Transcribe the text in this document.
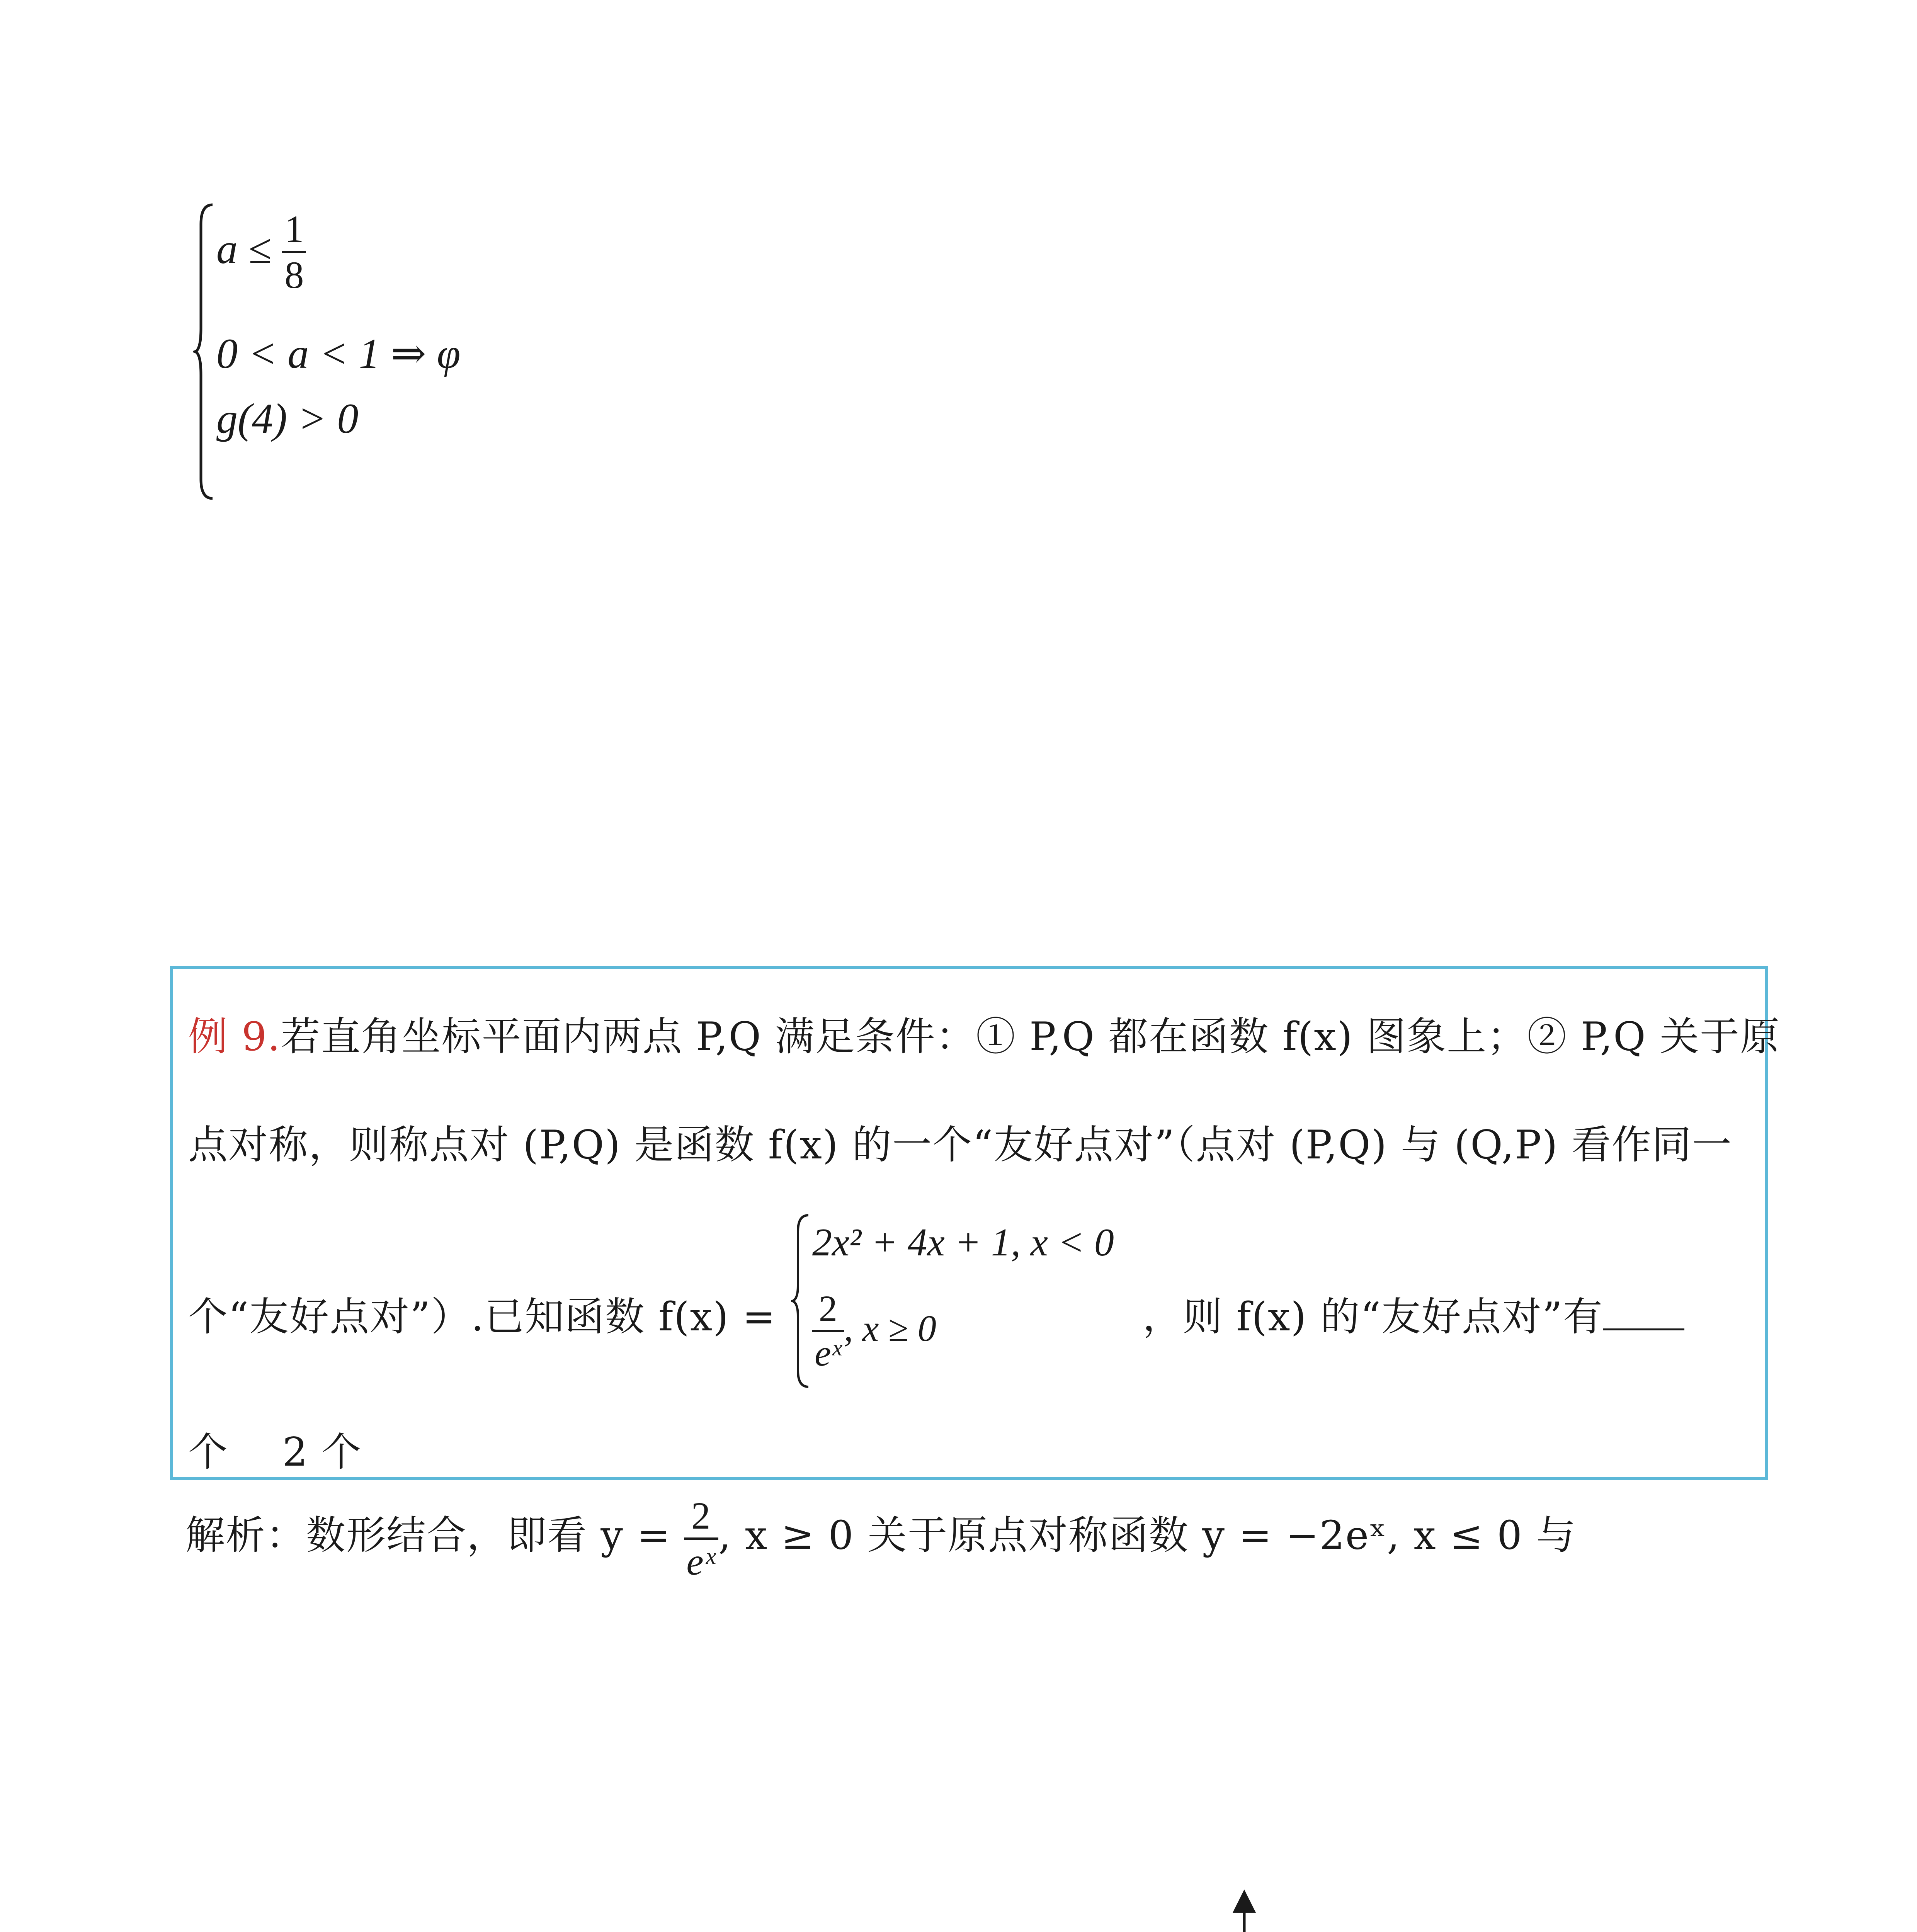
a ≤ 1
8
0 < a < 1 ⇒ φ
g(4) > 0
例 9.若直角坐标平面内两点 P,Q 满足条件：① P,Q 都在函数 f(x) 图象上；② P,Q 关于原
点对称，则称点对 (P,Q) 是函数 f(x) 的一个“友好点对”（点对 (P,Q) 与 (Q,P) 看作同一
个“友好点对”）.已知函数 f(x) =
2x² + 4x + 1, x < 0
2
eˣ
, x ≥ 0	，则 f(x) 的“友好点对”有
个 2 个
解析：数形结合，即看 y = 2
eˣ
, x ≥ 0 关于原点对称函数 y = −2eˣ, x ≤ 0 与
